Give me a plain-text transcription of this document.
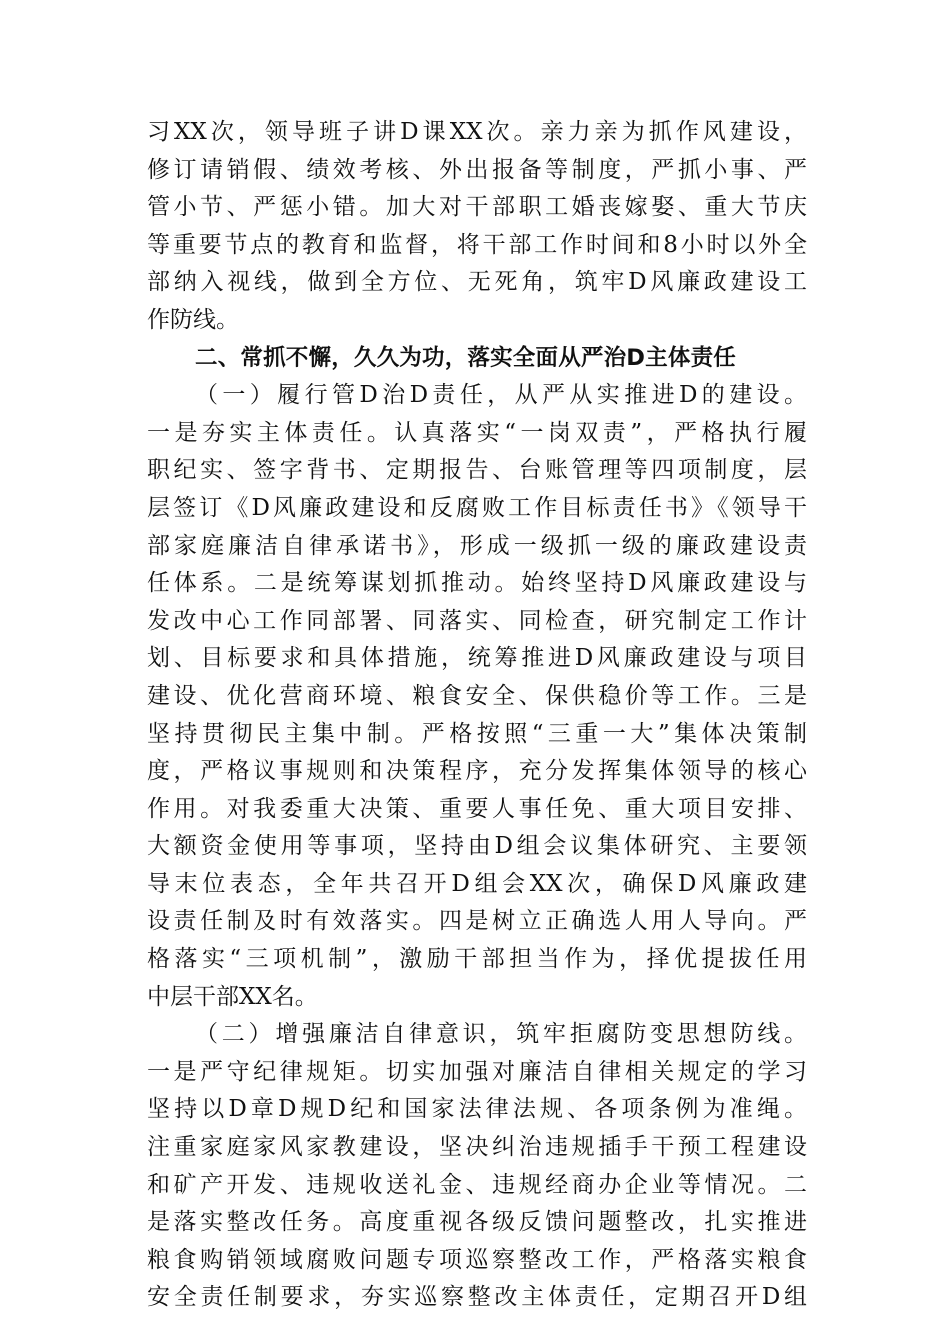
习XX次，领导班子讲D课XX次。亲力亲为抓作风建设，
修订请销假、绩效考核、外出报备等制度，严抓小事、严
管小节、严惩小错。加大对干部职工婚丧嫁娶、重大节庆
等重要节点的教育和监督，将干部工作时间和8小时以外全
部纳入视线，做到全方位、无死角，筑牢D风廉政建设工
作防线。
二、常抓不懈，久久为功，落实全面从严治D主体责任
（一）履行管D治D责任，从严从实推进D的建设。
一是夯实主体责任。认真落实“一岗双责”，严格执行履
职纪实、签字背书、定期报告、台账管理等四项制度，层
层签订《D风廉政建设和反腐败工作目标责任书》《领导干
部家庭廉洁自律承诺书》，形成一级抓一级的廉政建设责
任体系。二是统筹谋划抓推动。始终坚持D风廉政建设与
发改中心工作同部署、同落实、同检查，研究制定工作计
划、目标要求和具体措施，统筹推进D风廉政建设与项目
建设、优化营商环境、粮食安全、保供稳价等工作。三是
坚持贯彻民主集中制。严格按照“三重一大”集体决策制
度，严格议事规则和决策程序，充分发挥集体领导的核心
作用。对我委重大决策、重要人事任免、重大项目安排、
大额资金使用等事项，坚持由D组会议集体研究、主要领
导末位表态，全年共召开D组会XX次，确保D风廉政建
设责任制及时有效落实。四是树立正确选人用人导向。严
格落实“三项机制”，激励干部担当作为，择优提拔任用
中层干部XX名。
（二）增强廉洁自律意识，筑牢拒腐防变思想防线。
一是严守纪律规矩。切实加强对廉洁自律相关规定的学习
坚持以D章D规D纪和国家法律法规、各项条例为准绳。
注重家庭家风家教建设，坚决纠治违规插手干预工程建设
和矿产开发、违规收送礼金、违规经商办企业等情况。二
是落实整改任务。高度重视各级反馈问题整改，扎实推进
粮食购销领域腐败问题专项巡察整改工作，严格落实粮食
安全责任制要求，夯实巡察整改主体责任，定期召开D组
